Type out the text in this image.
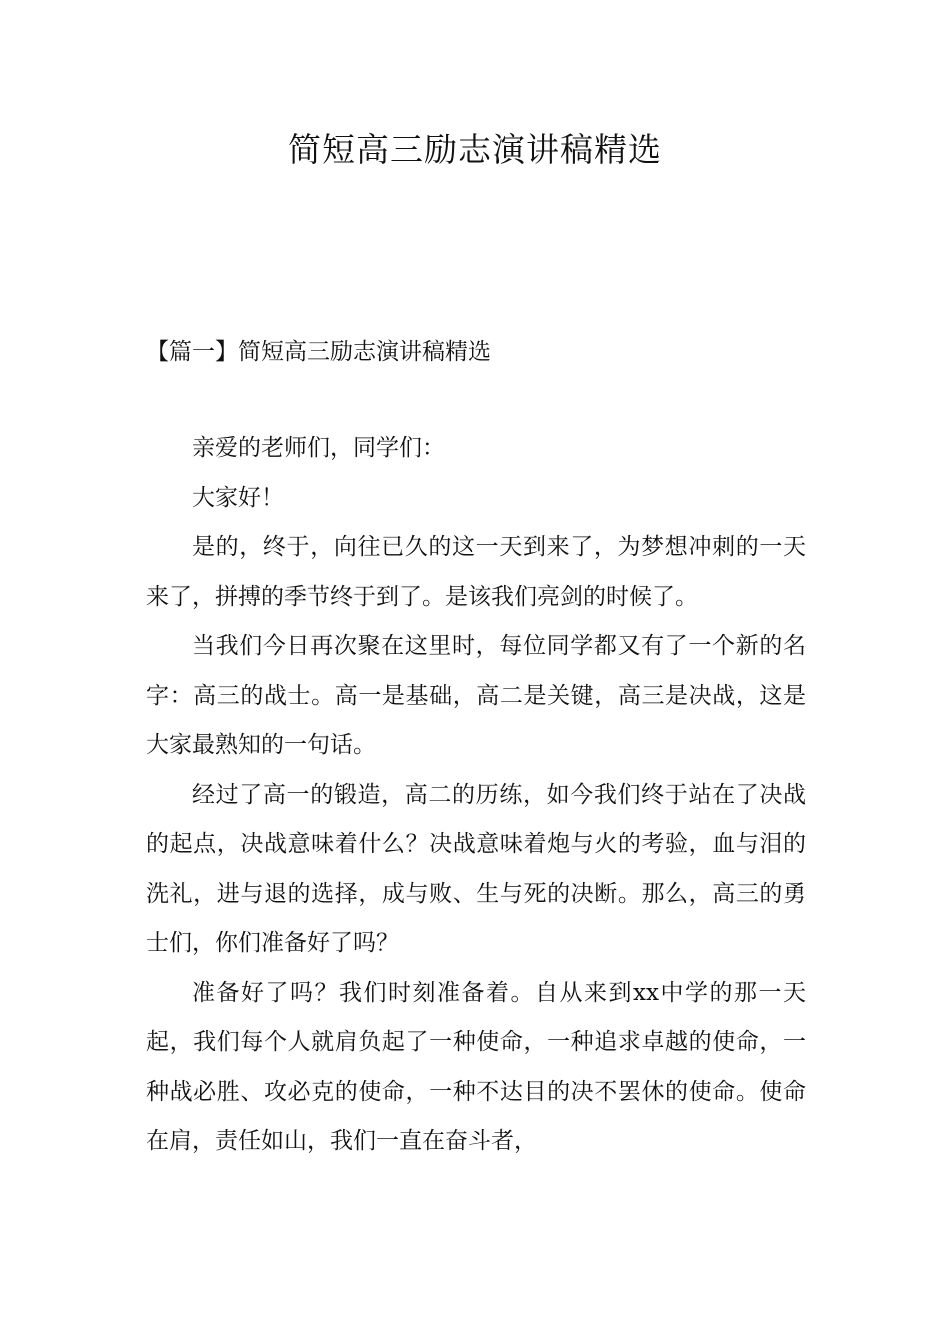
简短高三励志演讲稿精选
【篇一】简短高三励志演讲稿精选

亲爱的老师们，同学们：

大家好！

是的，终于，向往已久的这一天到来了，为梦想冲刺的一天来了，拼搏的季节终于到了。是该我们亮剑的时候了。

当我们今日再次聚在这里时，每位同学都又有了一个新的名字：高三的战士。高一是基础，高二是关键，高三是决战，这是大家最熟知的一句话。

经过了高一的锻造，高二的历练，如今我们终于站在了决战的起点，决战意味着什么？决战意味着炮与火的考验，血与泪的洗礼，进与退的选择，成与败、生与死的决断。那么，高三的勇士们，你们准备好了吗？

准备好了吗？我们时刻准备着。自从来到xx中学的那一天起，我们每个人就肩负起了一种使命，一种追求卓越的使命，一种战必胜、攻必克的使命，一种不达目的决不罢休的使命。使命在肩，责任如山，我们一直在奋斗者，
